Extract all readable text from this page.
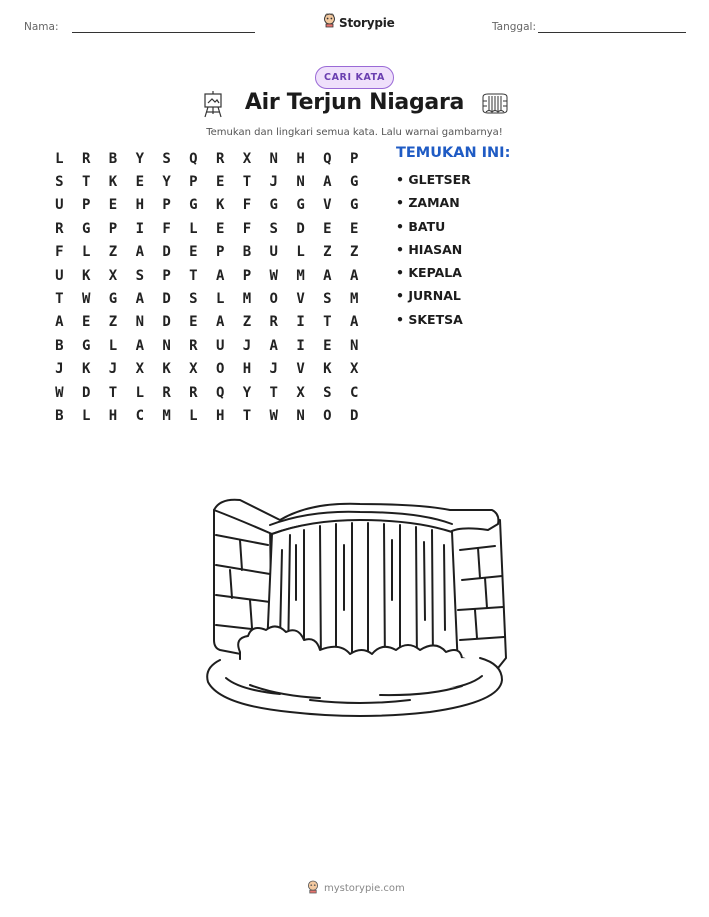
Nama:	Storypie	Tanggal:
CARI KATA
Air Terjun Niagara
Temukan dan lingkari semua kata. Lalu warnai gambarnya!
L	R	B	Y	S	Q	R	X	N	H	Q	P
S	T	K	E	Y	P	E	T	J	N	A	G
U	P	E	H	P	G	K	F	G	G	V	G
R	G	P	I	F	L	E	F	S	D	E	E
F	L	Z	A	D	E	P	B	U	L	Z	Z
U	K	X	S	P	T	A	P	W	M	A	A
T	W	G	A	D	S	L	M	O	V	S	M
A	E	Z	N	D	E	A	Z	R	I	T	A
B	G	L	A	N	R	U	J	A	I	E	N
J	K	J	X	K	X	O	H	J	V	K	X
W	D	T	L	R	R	Q	Y	T	X	S	C
B	L	H	C	M	L	H	T	W	N	O	D
TEMUKAN INI:
• GLETSER
• ZAMAN
• BATU
• HIASAN
• KEPALA
• JURNAL
• SKETSA
mystorypie.com
